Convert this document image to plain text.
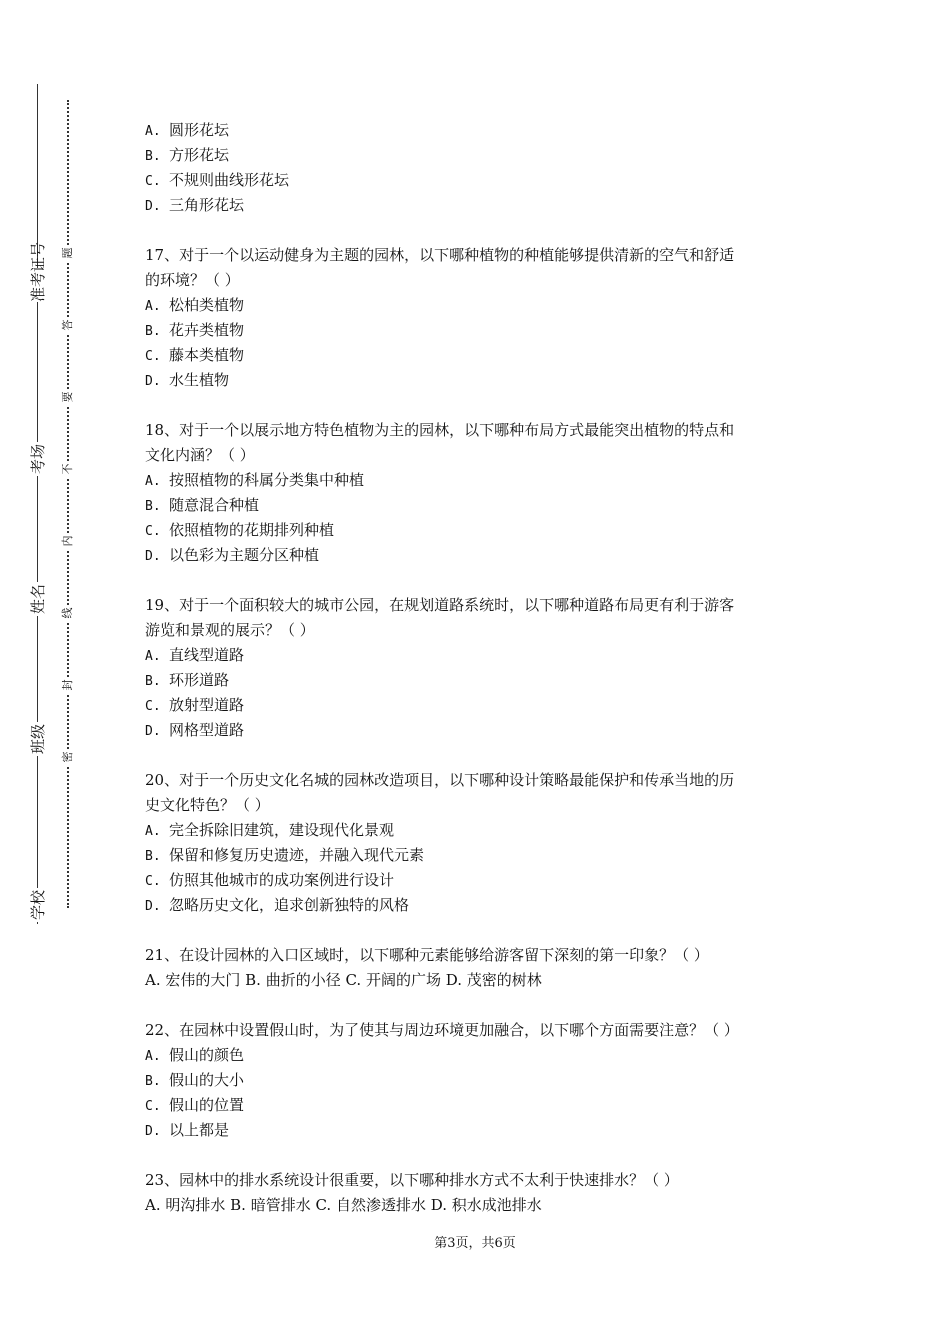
准考证号
考场
姓名
班级
学校
题
答
要
不
内
线
封
密
A. 圆形花坛
B. 方形花坛
C. 不规则曲线形花坛
D. 三角形花坛
17、对于一个以运动健身为主题的园林，以下哪种植物的种植能够提供清新的空气和舒适
的环境？（ ）
A. 松柏类植物
B. 花卉类植物
C. 藤本类植物
D. 水生植物
18、对于一个以展示地方特色植物为主的园林，以下哪种布局方式最能突出植物的特点和
文化内涵？（ ）
A. 按照植物的科属分类集中种植
B. 随意混合种植
C. 依照植物的花期排列种植
D. 以色彩为主题分区种植
19、对于一个面积较大的城市公园，在规划道路系统时，以下哪种道路布局更有利于游客
游览和景观的展示？（ ）
A. 直线型道路
B. 环形道路
C. 放射型道路
D. 网格型道路
20、对于一个历史文化名城的园林改造项目，以下哪种设计策略最能保护和传承当地的历
史文化特色？（ ）
A. 完全拆除旧建筑，建设现代化景观
B. 保留和修复历史遗迹，并融入现代元素
C. 仿照其他城市的成功案例进行设计
D. 忽略历史文化，追求创新独特的风格
21、在设计园林的入口区域时，以下哪种元素能够给游客留下深刻的第一印象？（ ）
A. 宏伟的大门 B. 曲折的小径 C. 开阔的广场 D. 茂密的树林
22、在园林中设置假山时，为了使其与周边环境更加融合，以下哪个方面需要注意？（ ）
A. 假山的颜色
B. 假山的大小
C. 假山的位置
D. 以上都是
23、园林中的排水系统设计很重要，以下哪种排水方式不太利于快速排水？（ ）
A. 明沟排水 B. 暗管排水 C. 自然渗透排水 D. 积水成池排水
第3页，共6页
